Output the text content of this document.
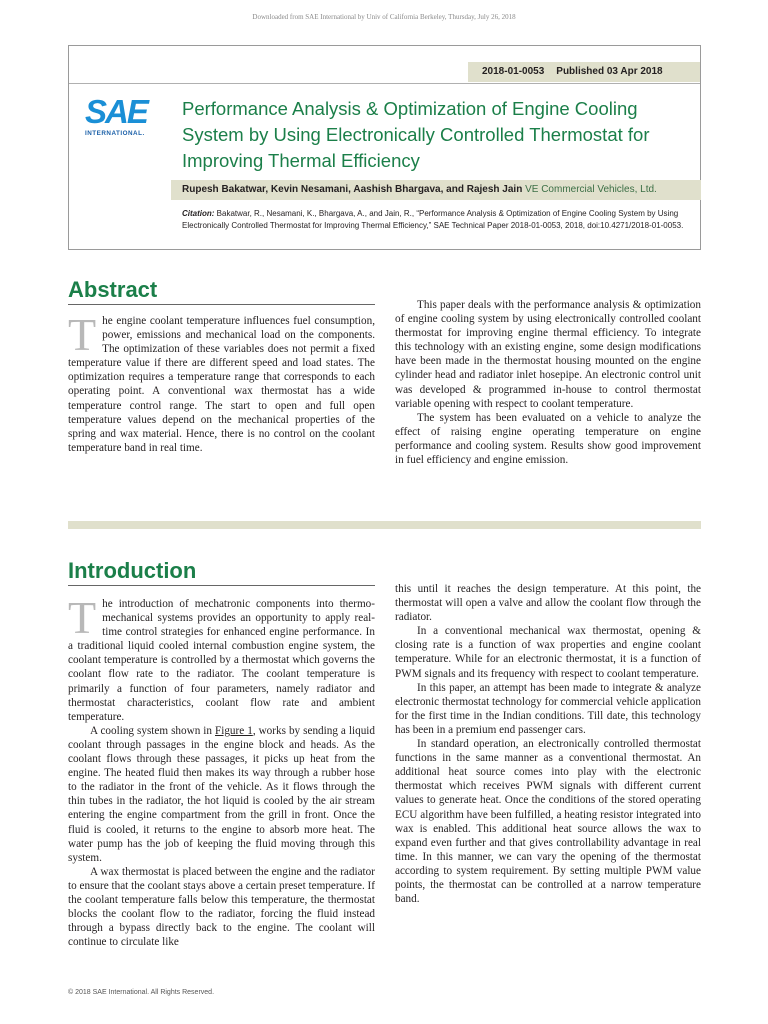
Downloaded from SAE International by Univ of California Berkeley, Thursday, July 26, 2018
2018-01-0053 Published 03 Apr 2018
SAE
INTERNATIONAL.
Performance Analysis & Optimization of Engine Cooling System by Using Electronically Controlled Thermostat for Improving Thermal Efficiency
Rupesh Bakatwar, Kevin Nesamani, Aashish Bhargava, and Rajesh Jain VE Commercial Vehicles, Ltd.
Citation: Bakatwar, R., Nesamani, K., Bhargava, A., and Jain, R., “Performance Analysis & Optimization of Engine Cooling System by Using Electronically Controlled Thermostat for Improving Thermal Efficiency,” SAE Technical Paper 2018-01-0053, 2018, doi:10.4271/2018-01-0053.
Abstract

The engine coolant temperature influences fuel consumption, power, emissions and mechanical load on the components. The optimization of these variables does not permit a fixed temperature value if there are different speed and load states. The optimization requires a temperature range that corresponds to each operating point. A conventional wax thermostat has a wide temperature control range. The start to open and full open temperature values depend on the mechanical properties of the spring and wax material. Hence, there is no control on the coolant temperature band in real time.

This paper deals with the performance analysis & optimization of engine cooling system by using electronically controlled coolant thermostat for improving engine thermal efficiency. To integrate this technology with an existing engine, some design modifications have been made in the thermostat housing mounted on the engine cylinder head and radiator inlet hosepipe. An electronic control unit was developed & programmed in-house to control thermostat variable opening with respect to coolant temperature.

The system has been evaluated on a vehicle to analyze the effect of raising engine operating temperature on engine performance and cooling system. Results show good improvement in fuel efficiency and engine emission.

Introduction

The introduction of mechatronic components into thermo-mechanical systems provides an opportunity to apply real-time control strategies for enhanced engine performance. In a traditional liquid cooled internal combustion engine system, the coolant temperature is controlled by a thermostat which governs the coolant flow rate to the radiator. The coolant temperature is primarily a function of four parameters, namely radiator and thermostat characteristics, coolant flow rate and ambient temperature.

A cooling system shown in Figure 1, works by sending a liquid coolant through passages in the engine block and heads. As the coolant flows through these passages, it picks up heat from the engine. The heated fluid then makes its way through a rubber hose to the radiator in the front of the vehicle. As it flows through the thin tubes in the radiator, the hot liquid is cooled by the air stream entering the engine compartment from the grill in front. Once the fluid is cooled, it returns to the engine to absorb more heat. The water pump has the job of keeping the fluid moving through this system.

A wax thermostat is placed between the engine and the radiator to ensure that the coolant stays above a certain preset temperature. If the coolant temperature falls below this temperature, the thermostat blocks the coolant flow to the radiator, forcing the fluid instead through a bypass directly back to the engine. The coolant will continue to circulate like

this until it reaches the design temperature. At this point, the thermostat will open a valve and allow the coolant flow through the radiator.

In a conventional mechanical wax thermostat, opening & closing rate is a function of wax properties and engine coolant temperature. While for an electronic thermostat, it is a function of PWM signals and its frequency with respect to coolant temperature.

In this paper, an attempt has been made to integrate & analyze electronic thermostat technology for commercial vehicle application for the first time in the Indian conditions. Till date, this technology has been in a premium end passenger cars.

In standard operation, an electronically controlled thermostat functions in the same manner as a conventional thermostat. An additional heat source comes into play with the electronic thermostat which receives PWM signals with different current values to generate heat. Once the conditions of the stored operating ECU algorithm have been fulfilled, a heating resistor integrated into wax is enabled. This additional heat source allows the wax to expand even further and that gives controllability advantage in real time. In this manner, we can vary the opening of the thermostat according to system requirement. By setting multiple PWM value points, the thermostat can be controlled at a narrow temperature band.

© 2018 SAE International. All Rights Reserved.
